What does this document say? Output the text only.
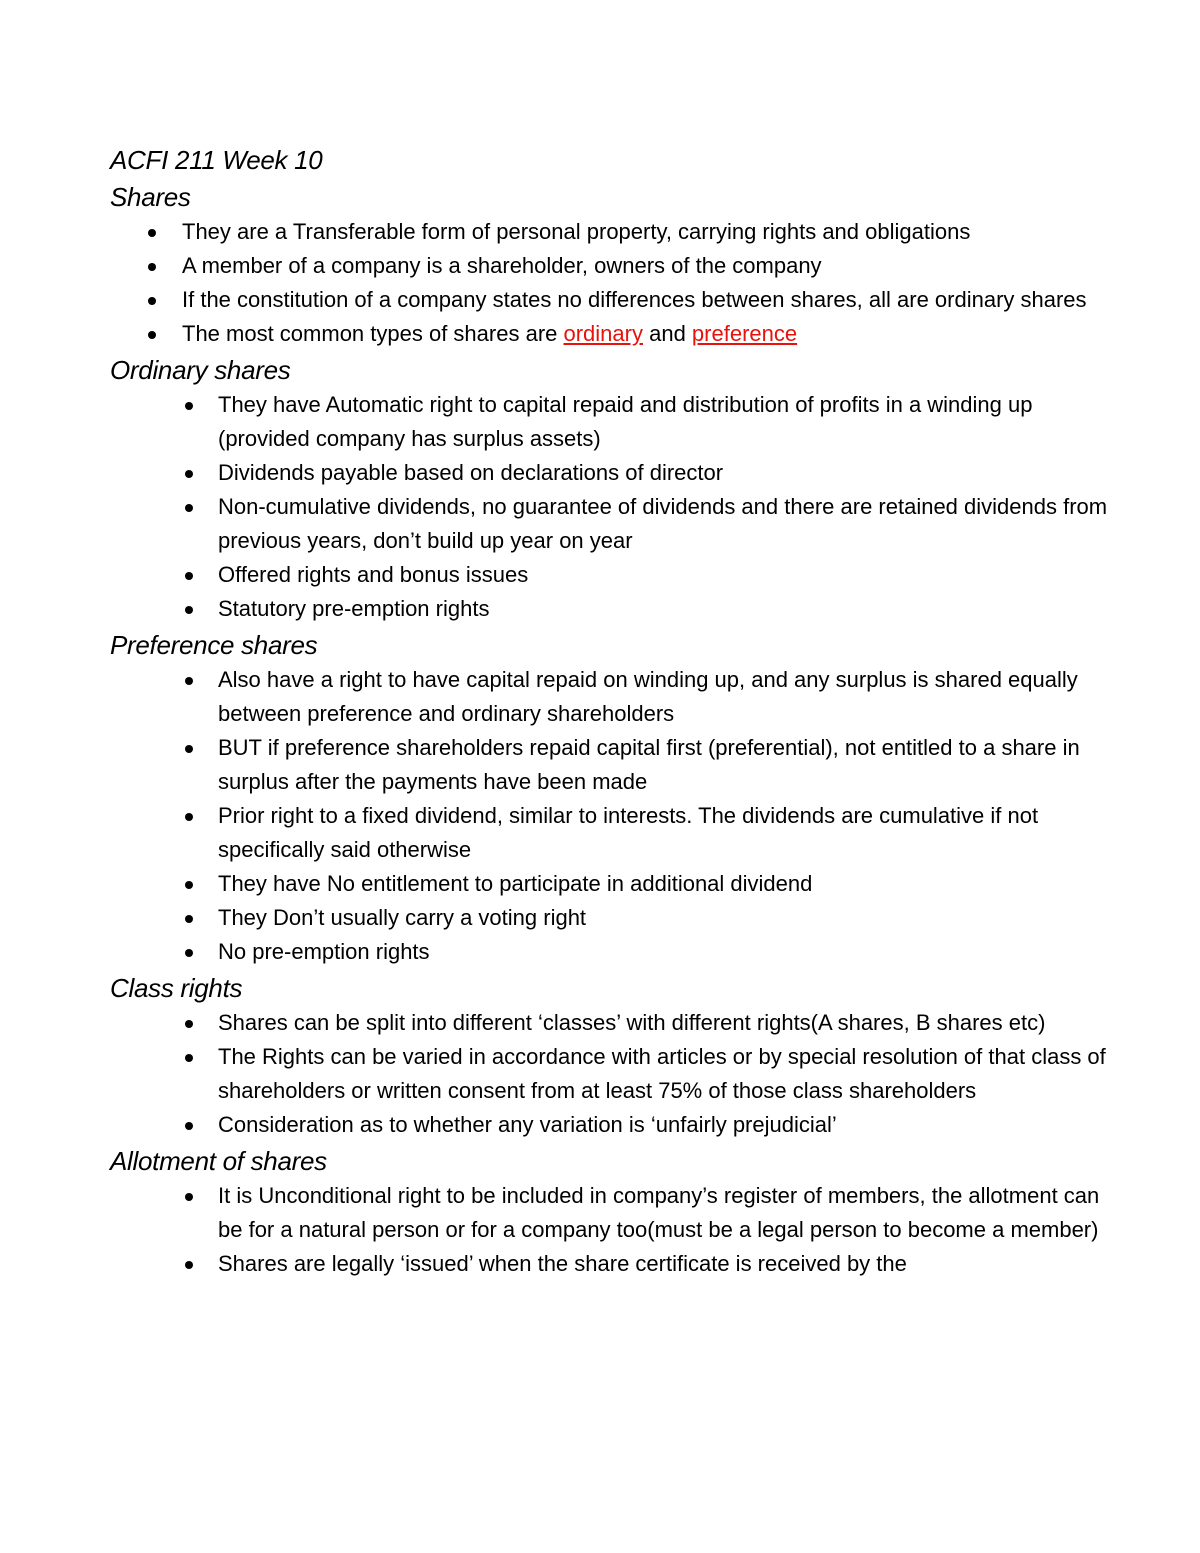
ACFI 211 Week 10
Shares
They are a Transferable form of personal property, carrying rights and obligations
A member of a company is a shareholder, owners of the company
If the constitution of a company states no differences between shares, all are ordinary shares
The most common types of shares are ordinary and preference
Ordinary shares
They have Automatic right to capital repaid and distribution of profits in a winding up (provided company has surplus assets)
Dividends payable based on declarations of director
Non-cumulative dividends, no guarantee of dividends and there are retained dividends from previous years, don’t build up year on year
Offered rights and bonus issues
Statutory pre-emption rights
Preference shares
Also have a right to have capital repaid on winding up, and any surplus is shared equally between preference and ordinary shareholders
BUT if preference shareholders repaid capital first (preferential), not entitled to a share in surplus after the payments have been made
Prior right to a fixed dividend, similar to interests. The dividends are cumulative if not specifically said otherwise
They have No entitlement to participate in additional dividend
They Don’t usually carry a voting right
No pre-emption rights
Class rights
Shares can be split into different ‘classes’ with different rights(A shares, B shares etc)
The Rights can be varied in accordance with articles or by special resolution of that class of shareholders or written consent from at least 75% of those class shareholders
Consideration as to whether any variation is ‘unfairly prejudicial’
Allotment of shares
It is Unconditional right to be included in company’s register of members, the allotment can be for a natural person or for a company too(must be a legal person to become a member)
Shares are legally ‘issued’ when the share certificate is received by the
